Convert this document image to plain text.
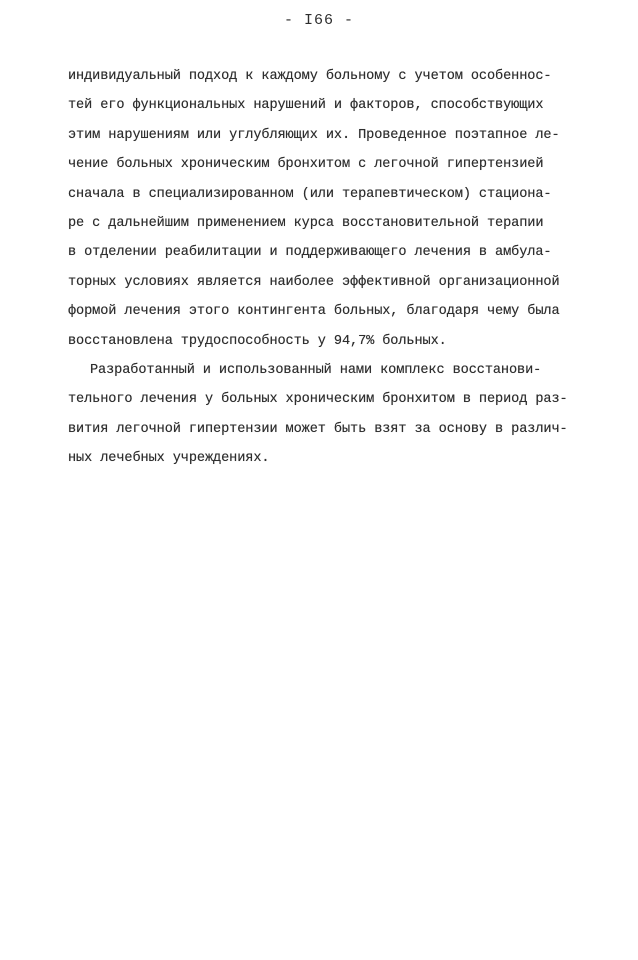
- I66 -
индивидуальный подход к каждому больному с учетом особеннос-
тей его функциональных нарушений и факторов, способствующих
этим нарушениям или углубляющих их. Проведенное поэтапное ле-
чение больных хроническим бронхитом с легочной гипертензией
сначала в специализированном (или терапевтическом) стациона-
ре с дальнейшим применением курса восстановительной терапии
в отделении реабилитации и поддерживающего лечения в амбула-
торных условиях является наиболее эффективной организационной
формой лечения этого контингента больных, благодаря чему была
восстановлена трудоспособность у 94,7% больных.
Разработанный и использованный нами комплекс восстанови-
тельного лечения у больных хроническим бронхитом в период раз-
вития легочной гипертензии может быть взят за основу в различ-
ных лечебных учреждениях.
